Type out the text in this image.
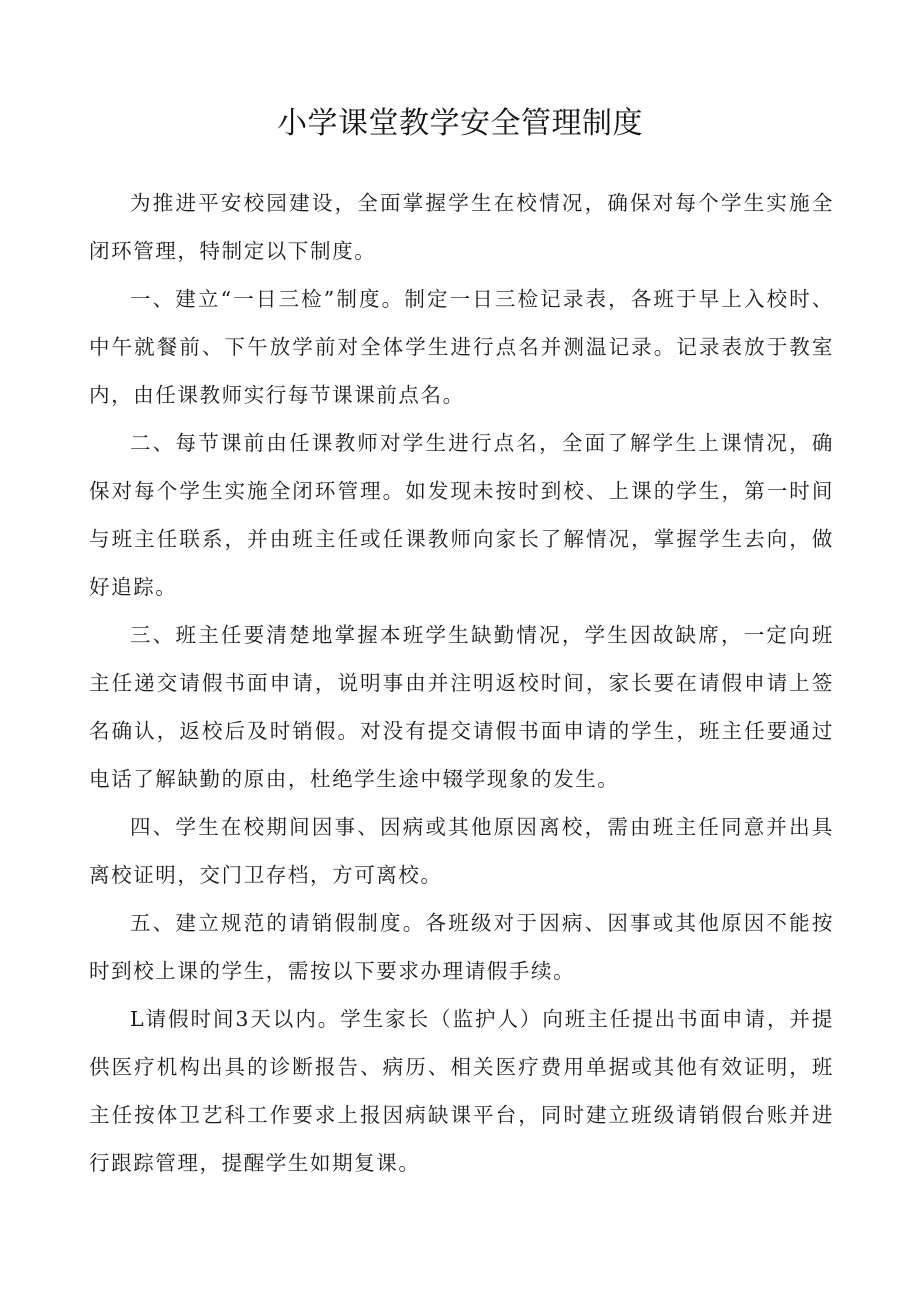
小学课堂教学安全管理制度

为推进平安校园建设，全面掌握学生在校情况，确保对每个学生实施全闭环管理，特制定以下制度。

一、建立“一日三检”制度。制定一日三检记录表，各班于早上入校时、中午就餐前、下午放学前对全体学生进行点名并测温记录。记录表放于教室内，由任课教师实行每节课课前点名。

二、每节课前由任课教师对学生进行点名，全面了解学生上课情况，确保对每个学生实施全闭环管理。如发现未按时到校、上课的学生，第一时间与班主任联系，并由班主任或任课教师向家长了解情况，掌握学生去向，做好追踪。

三、班主任要清楚地掌握本班学生缺勤情况，学生因故缺席，一定向班主任递交请假书面申请，说明事由并注明返校时间，家长要在请假申请上签名确认，返校后及时销假。对没有提交请假书面申请的学生，班主任要通过电话了解缺勤的原由，杜绝学生途中辍学现象的发生。

四、学生在校期间因事、因病或其他原因离校，需由班主任同意并出具离校证明，交门卫存档，方可离校。

五、建立规范的请销假制度。各班级对于因病、因事或其他原因不能按时到校上课的学生，需按以下要求办理请假手续。

L请假时间3天以内。学生家长（监护人）向班主任提出书面申请，并提供医疗机构出具的诊断报告、病历、相关医疗费用单据或其他有效证明，班主任按体卫艺科工作要求上报因病缺课平台，同时建立班级请销假台账并进行跟踪管理，提醒学生如期复课。
